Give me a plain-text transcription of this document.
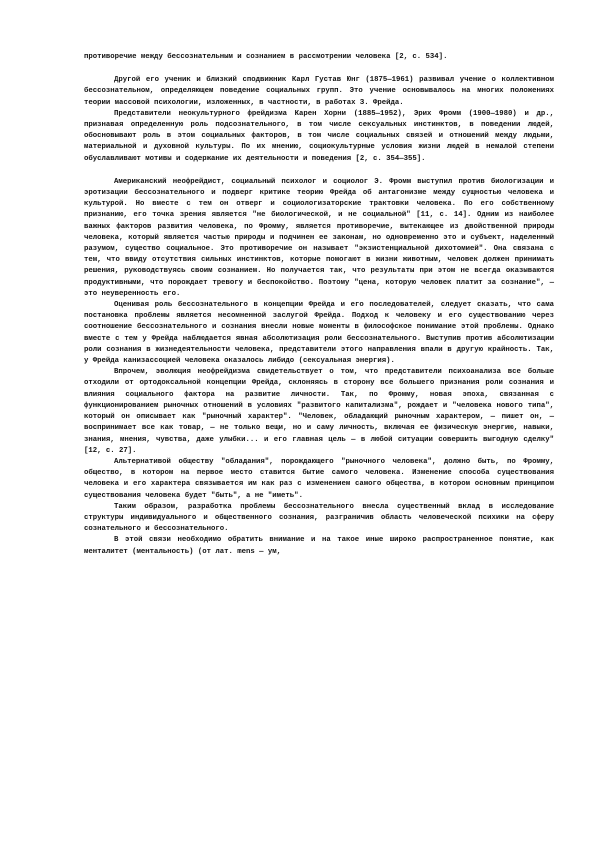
противоречие между бессознательным и сознанием в рассмотрении человека [2, с. 534].

Другой его ученик и близкий сподвижник Карл Густав Юнг (1875—1961) развивал учение о коллективном бессознательном, определяющем поведение социальных групп. Это учение основывалось на многих положениях теории массовой психологии, изложенных, в частности, в работах З. Фрейда.

Представители неокультурного фрейдизма Карен Хорни (1885—1952), Эрих Фромм (1900—1980) и др., признавая определенную роль подсознательного, в том числе сексуальных инстинктов, в поведении людей, обосновывают роль в этом социальных факторов, в том числе социальных связей и отношений между людьми, материальной и духовной культуры. По их мнению, социокультурные условия жизни людей в немалой степени обуславливают мотивы и содержание их деятельности и поведения [2, с. 354—355].

Американский неофрейдист, социальный психолог и социолог Э. Фромм выступил против биологизации и эротизации бессознательного и подверг критике теорию Фрейда об антагонизме между сущностью человека и культурой. Но вместе с тем он отверг и социологизаторские трактовки человека. По его собственному признанию, его точка зрения является "не биологической, и не социальной" [11, с. 14]. Одним из наиболее важных факторов развития человека, по Фромму, является противоречие, вытекающее из двойственной природы человека, который является частью природы и подчинен ее законам, но одновременно это и субъект, наделенный разумом, существо социальное. Это противоречие он называет "экзистенциальной дихотомией". Она связана с тем, что ввиду отсутствия сильных инстинктов, которые помогают в жизни животным, человек должен принимать решения, руководствуясь своим сознанием. Но получается так, что результаты при этом не всегда оказываются продуктивными, что порождает тревогу и беспокойство. Поэтому "цена, которую человек платит за сознание", — это неуверенность его.

Оценивая роль бессознательного в концепции Фрейда и его последователей, следует сказать, что сама постановка проблемы является несомненной заслугой Фрейда. Подход к человеку и его существованию через соотношение бессознательного и сознания внесли новые моменты в философское понимание этой проблемы. Однако вместе с тем у Фрейда наблюдается явная абсолютизация роли бессознательного. Выступив против абсолютизации роли сознания в жизнедеятельности человека, представители этого направления впали в другую крайность. Так, у Фрейда канизассоцией человека оказалось либидо (сексуальная энергия).

Впрочем, эволюция неофрейдизма свидетельствует о том, что представители психоанализа все больше отходили от ортодоксальной концепции Фрейда, склоняясь в сторону все большего признания роли сознания и влияния социального фактора на развитие личности. Так, по Фромму, новая эпоха, связанная с функционированием рыночных отношений в условиях "развитого капитализма", рождает и "человека нового типа", который он описывает как "рыночный характер". "Человек, обладающий рыночным характером, — пишет он, — воспринимает все как товар, — не только вещи, но и саму личность, включая ее физическую энергию, навыки, знания, мнения, чувства, даже улыбки... и его главная цель — в любой ситуации совершить выгодную сделку" [12, с. 27].

Альтернативой обществу "обладания", порождающего "рыночного человека", должно быть, по Фромму, общество, в котором на первое место ставится бытие самого человека. Изменение способа существования человека и его характера связывается им как раз с изменением самого общества, в котором основным принципом существования человека будет "быть", а не "иметь".

Таким образом, разработка проблемы бессознательного внесла существенный вклад в исследование структуры индивидуального и общественного сознания, разграничив область человеческой психики на сферу сознательного и бессознательного.

В этой связи необходимо обратить внимание и на такое иные широко распространенное понятие, как менталитет (ментальность) (от лат. mens — ум,
